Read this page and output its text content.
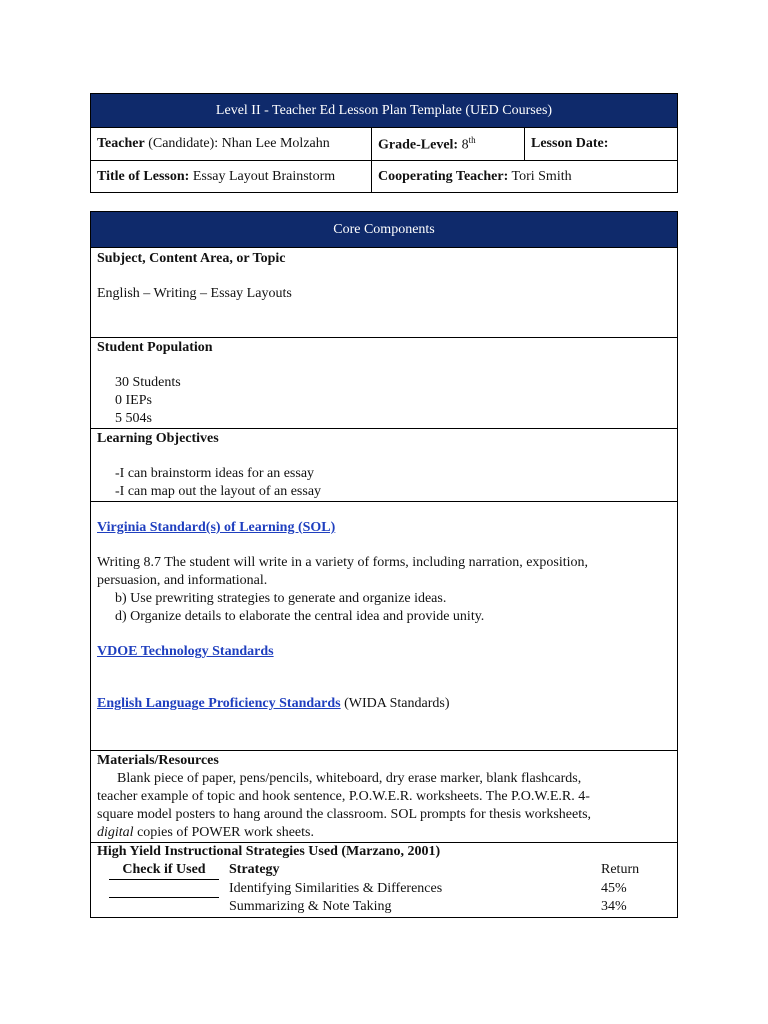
Level II - Teacher Ed Lesson Plan Template (UED Courses)		
Teacher (Candidate): Nhan Lee Molzahn	Grade-Level: 8th	Lesson Date:
Title of Lesson: Essay Layout Brainstorm	Cooperating Teacher: Tori Smith	
Core Components

Subject, Content Area, or Topic

English – Writing – Essay Layouts

Student Population

30 Students

0 IEPs

5 504s

Learning Objectives

-I can brainstorm ideas for an essay

-I can map out the layout of an essay

Virginia Standard(s) of Learning (SOL)

Writing 8.7 The student will write in a variety of forms, including narration, exposition,

persuasion, and informational.

b) Use prewriting strategies to generate and organize ideas.

d) Organize details to elaborate the central idea and provide unity.

VDOE Technology Standards

English Language Proficiency Standards (WIDA Standards)

Materials/Resources

Blank piece of paper, pens/pencils, whiteboard, dry erase marker, blank flashcards,

teacher example of topic and hook sentence, P.O.W.E.R. worksheets. The P.O.W.E.R. 4-

square model posters to hang around the classroom. SOL prompts for thesis worksheets,

digital copies of POWER work sheets.

High Yield Instructional Strategies Used (Marzano, 2001)

	Check if Used		Strategy	Return
			Identifying Similarities & Differences	45%
			Summarizing & Note Taking	34%
